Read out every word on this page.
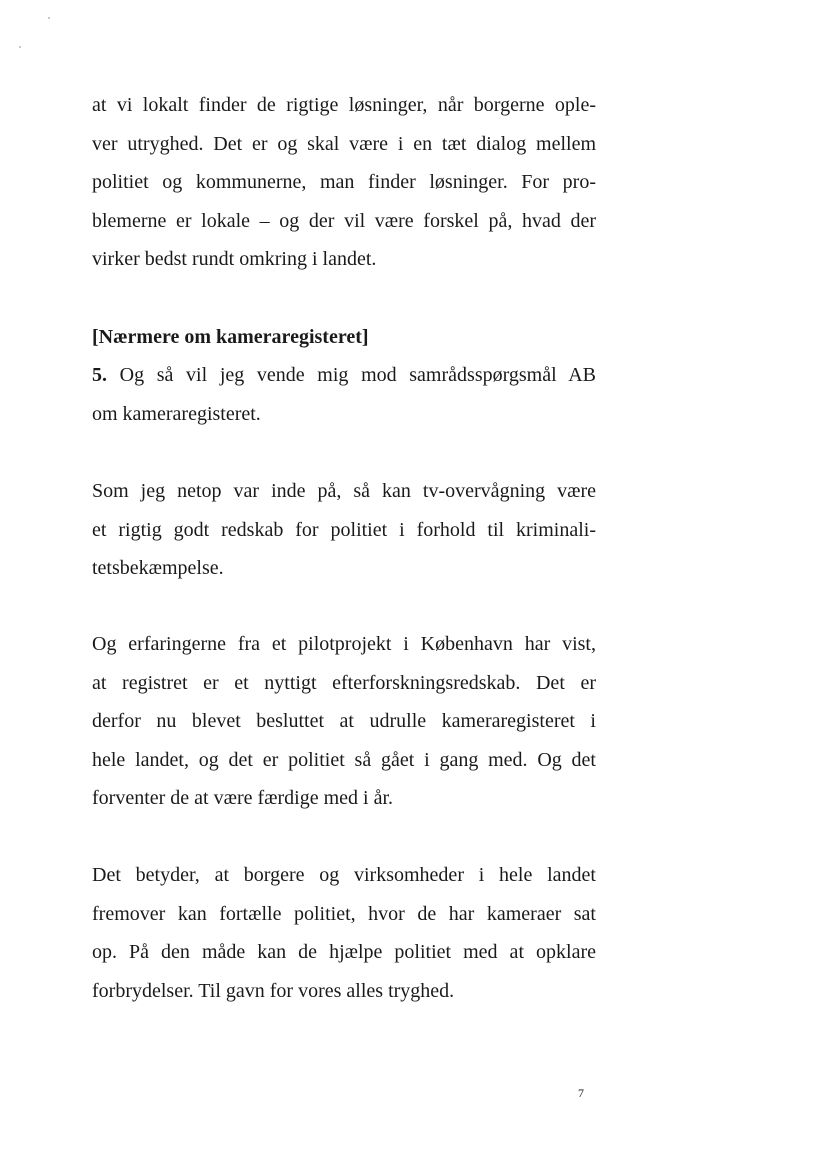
at vi lokalt finder de rigtige løsninger, når borgerne ople-
ver utryghed. Det er og skal være i en tæt dialog mellem
politiet og kommunerne, man finder løsninger. For pro-
blemerne er lokale – og der vil være forskel på, hvad der
virker bedst rundt omkring i landet.
[Nærmere om kameraregisteret]
5. Og så vil jeg vende mig mod samrådsspørgsmål AB
om kameraregisteret.
Som jeg netop var inde på, så kan tv-overvågning være
et rigtig godt redskab for politiet i forhold til kriminali-
tetsbekæmpelse.
Og erfaringerne fra et pilotprojekt i København har vist,
at registret er et nyttigt efterforskningsredskab. Det er
derfor nu blevet besluttet at udrulle kameraregisteret i
hele landet, og det er politiet så gået i gang med. Og det
forventer de at være færdige med i år.
Det betyder, at borgere og virksomheder i hele landet
fremover kan fortælle politiet, hvor de har kameraer sat
op. På den måde kan de hjælpe politiet med at opklare
forbrydelser. Til gavn for vores alles tryghed.
7
